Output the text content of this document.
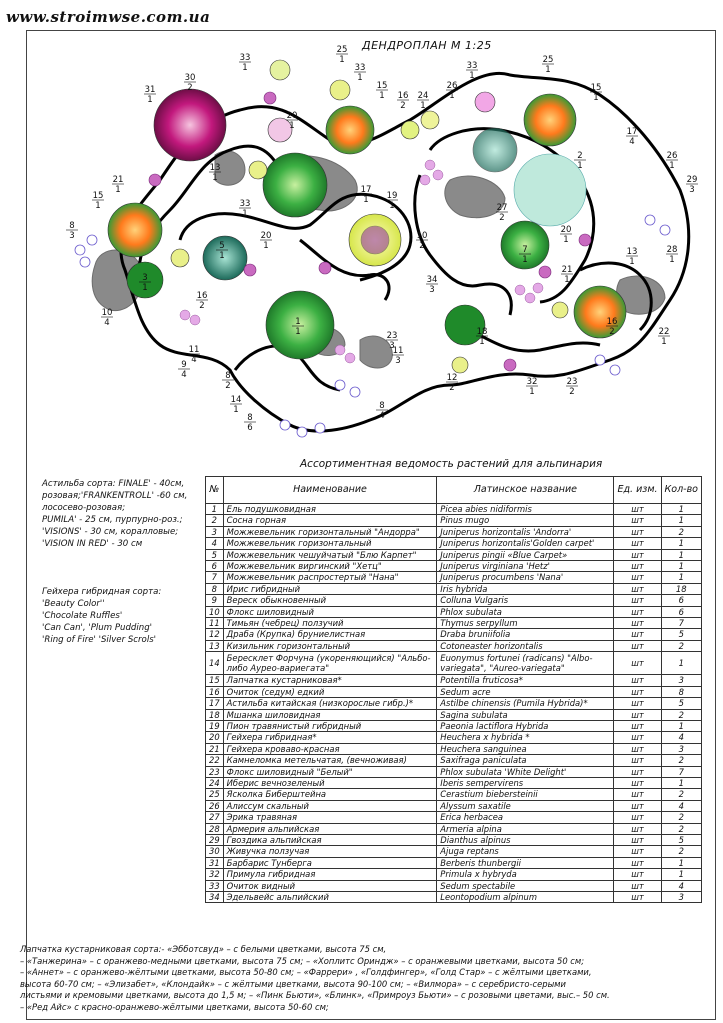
www.stroimwse.com.ua
ДЕНДРОПЛАН М 1:25
33
1
25
1
30
2
33
1
15
1
31
1
26
1
33
1
25
1
15
1
16
2
24
1
20
1
17
4
2
1
26
1
29
3
13
1
21
1
15
1	33
1
17
1 19
1	27
2
8
3
5
1
20
1
10
2	7
1
20
1
28
1
3
1
16
2
34
3
21
1
13
1
10
4	1
1	18
1
16
2	22
1
11
4
9
4	8
2
23
3
11
3
12
2
32
1
23
2
14
1
8
6
8
4
Ассортиментная ведомость растений для альпинария
Астильба сорта: FINALE' - 40см,
розовая;'FRANKENTROLL' -60 см,
лососево-розовая;
PUMILA' - 25 см, пурпурно-роз.;
'VISIONS' - 30 см, коралловые;
'VISION IN RED' - 30 см
Гейхера гибридная сорта:
'Beauty Color''
'Chocolate Ruffles'
'Can Can', 'Plum Pudding'
'Ring of Fire' 'Silver Scrols'
№	Наименование	Латинское название	Ед. изм.	Кол-во
1	Ель подушковидная	Picea abies nidiformis	шт	1
2	Сосна горная	Pinus mugo	шт	1
3	Можжевельник горизонтальный "Андорра"	Juniperus horizontalis 'Andorra'	шт	2
4	Можжевельник горизонтальный	Juniperus horizontalis'Golden carpet'	шт	1
5	Можжевельник чешуйчатый "Блю Карпет"	Juniperus pingii «Blue Carpet»	шт	1
6	Можжевельник виргинский "Хетц"	Juniperus virginiana 'Hetz'	шт	1
7	Можжевельник распростертый "Нана"	Juniperus procumbens 'Nana'	шт	1
8	Ирис гибридный	Iris hybrida	шт	18
9	Вереск обыкновенный	Colluna Vulgaris	шт	6
10	Флокс шиловидный	Phlox subulata	шт	6
11	Тимьян (чебрец) ползучий	Thymus serpyllum	шт	7
12	Драба (Крупка) бруниелистная	Draba bruniifolia	шт	5
13	Кизильник горизонтальный	Cotoneaster horizontalis	шт	2
14	Бересклет Форчуна (укореняющийся) "Альбо- либо Аурео-вариегата"	Euonymus fortunei (radicans) "Albo-variegata", "Aureo-variegata"	шт	1
15	Лапчатка кустарниковая*	Potentilla fruticosa*	шт	3
16	Очиток (седум) едкий	Sedum acre	шт	8
17	Астильба китайская (низкорослые гибр.)*	Astilbe chinensis (Pumila Hybrida)*	шт	5
18	Мшанка шиловидная	Sagina subulata	шт	2
19	Пион травянистый гибридный	Paeonia lactiflora Hybrida	шт	1
20	Гейхера гибридная*	Heuchera x hybrida *	шт	4
21	Гейхера кроваво-красная	Heuchera sanguinea	шт	3
22	Камнеломка метельчатая, (вечноживая)	Saxifraga paniculata	шт	2
23	Флокс шиловидный "Белый"	Phlox subulata 'White Delight'	шт	7
24	Иберис вечнозеленый	Iberis sempervirens	шт	1
25	Ясколка Биберштейна	Cerastium biebersteinii	шт	2
26	Алиссум скальный	Alyssum saxatile	шт	4
27	Эрика травяная	Erica herbacea	шт	2
28	Армерия альпийская	Armeria alpina	шт	2
29	Гвоздика альпийская	Dianthus alpinus	шт	5
30	Живучка ползучая	Ajuga reptans	шт	2
31	Барбарис Тунберга	Berberis thunbergii	шт	1
32	Примула гибридная	Primula x hybryda	шт	1
33	Очиток видный	Sedum spectabile	шт	4
34	Эдельвейс альпийский	Leontopodium alpinum	шт	3
Лапчатка кустарниковая сорта:- «Эбботсвуд» – с белыми цветками, высота 75 см,
– «Танжерина» – с оранжево-медными цветками, высота 75 см; – «Хоплитс Ориндж» – с оранжевыми цветками, высота 50 см;
– «Аннет» – с оранжево-жёлтыми цветками, высота 50-80 см; – «Фаррери» , «Голдфингер», «Голд Стар» – с жёлтыми цветками,
высота 60-70 см; – «Элизабет», «Клондайк» – с жёлтыми цветками, высота 90-100 см; – «Вилмора» – с серебристо-серыми
листьями и кремовыми цветками, высота до 1,5 м; – «Пинк Бьюти», «Блинк», «Примроуз Бьюти» – с розовыми цветами, выс.– 50 см.
– «Ред Айс» с красно-оранжево-жёлтыми цветками, высота 50-60 см;
